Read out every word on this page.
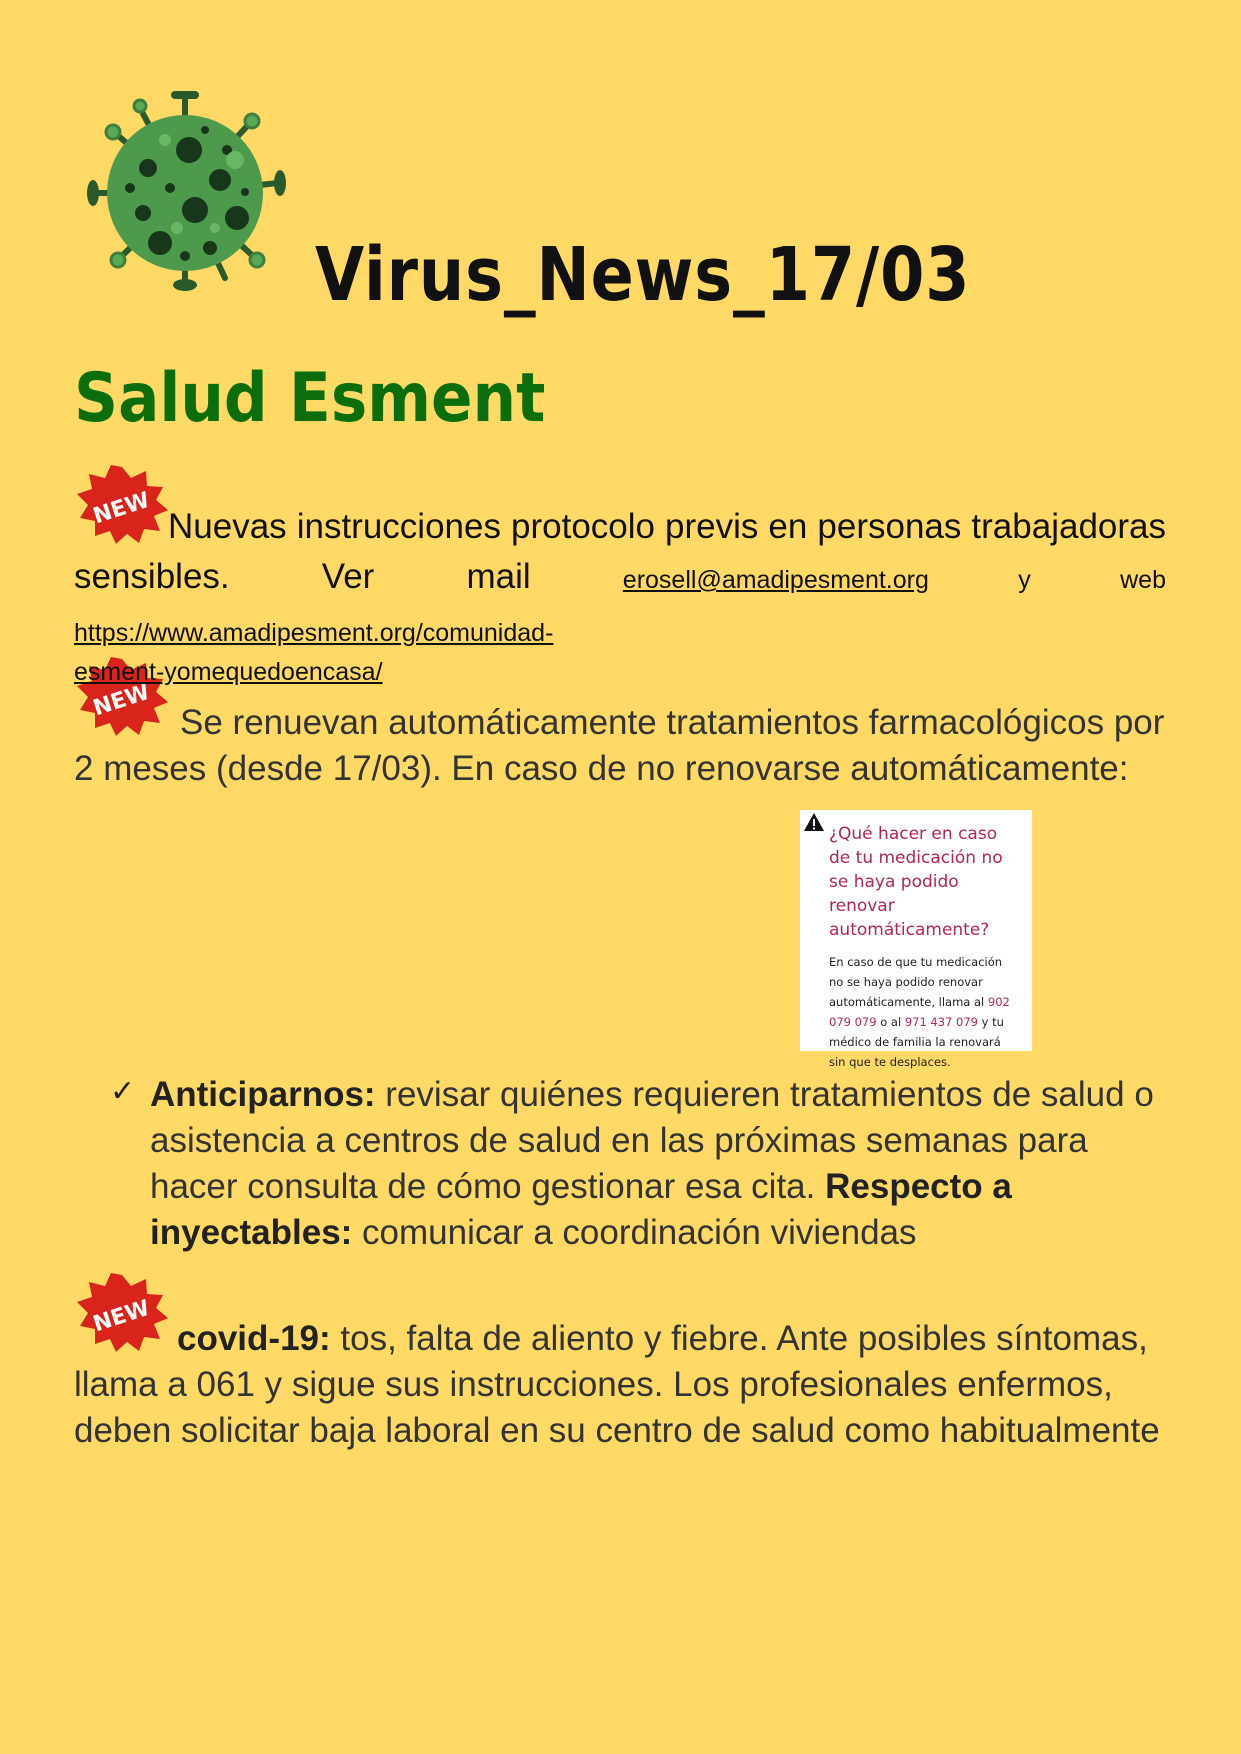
Virus_News_17/03
Salud Esment
NEW
NEW
NEW
Nuevas instrucciones protocolo previs en personas trabajadoras sensibles. Ver mail erosell@amadipesment.org y web https://www.amadipesment.org/comunidad-
esment-yomequedoencasa/
Se renuevan automáticamente tratamientos farmacológicos por 2 meses (desde 17/03). En caso de no renovarse automáticamente:

¿Qué hacer en caso de tu medicación no se haya podido renovar automáticamente?

En caso de que tu medicación no se haya podido renovar automáticamente, llama al 902 079 079 o al 971 437 079 y tu médico de familia la renovará sin que te desplaces.

✓ Anticiparnos: revisar quiénes requieren tratamientos de salud o asistencia a centros de salud en las próximas semanas para hacer consulta de cómo gestionar esa cita. Respecto a inyectables: comunicar a coordinación viviendas
covid-19: tos, falta de aliento y fiebre. Ante posibles síntomas, llama a 061 y sigue sus instrucciones. Los profesionales enfermos, deben solicitar baja laboral en su centro de salud como habitualmente
